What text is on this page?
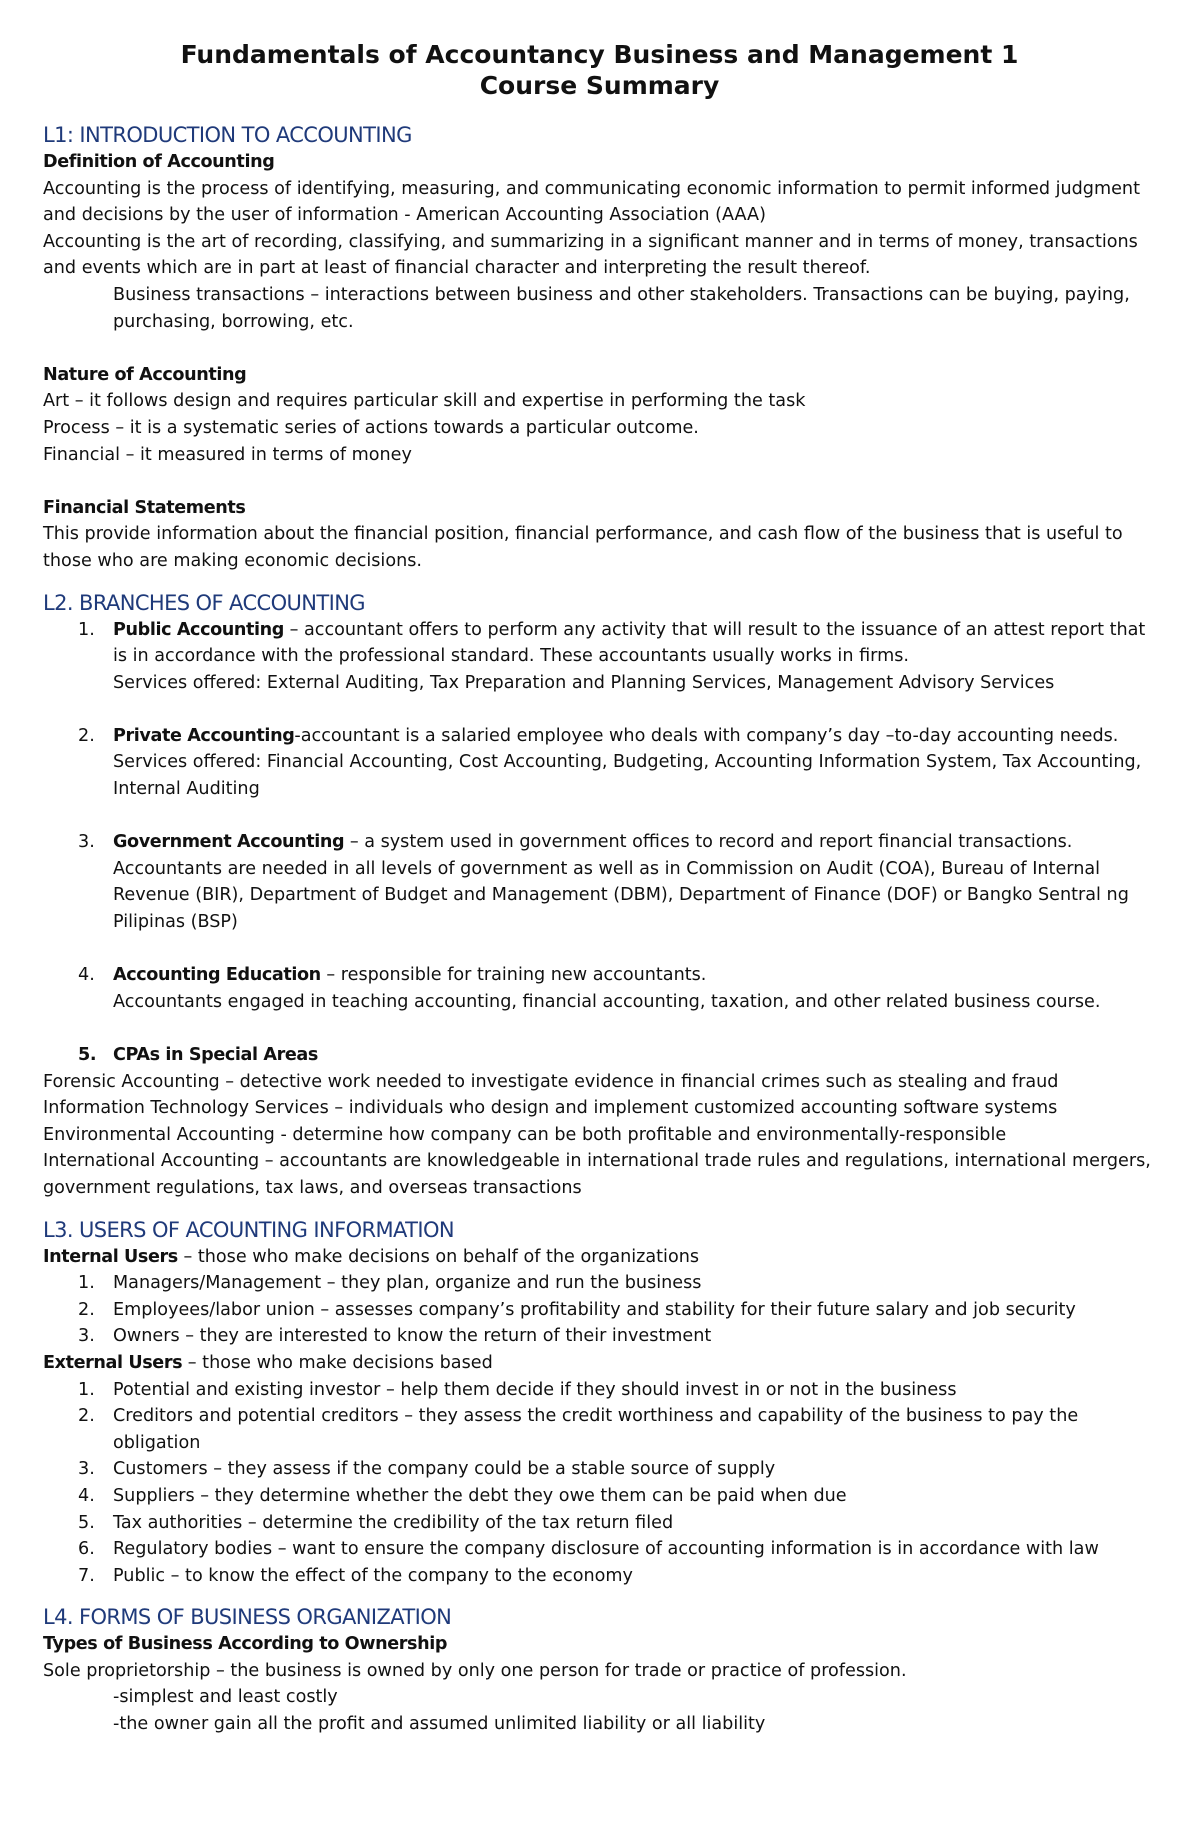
Fundamentals of Accountancy Business and Management 1
Course Summary
L1: INTRODUCTION TO ACCOUNTING

Definition of Accounting

Accounting is the process of identifying, measuring, and communicating economic information to permit informed judgment and decisions by the user of information - American Accounting Association (AAA)

Accounting is the art of recording, classifying, and summarizing in a significant manner and in terms of money, transactions and events which are in part at least of financial character and interpreting the result thereof.

Business transactions – interactions between business and other stakeholders. Transactions can be buying, paying, purchasing, borrowing, etc.

Nature of Accounting

Art – it follows design and requires particular skill and expertise in performing the task

Process – it is a systematic series of actions towards a particular outcome.

Financial – it measured in terms of money

Financial Statements

This provide information about the financial position, financial performance, and cash flow of the business that is useful to those who are making economic decisions.

L2. BRANCHES OF ACCOUNTING
1. Public Accounting – accountant offers to perform any activity that will result to the issuance of an attest report that is in accordance with the professional standard. These accountants usually works in firms.
Services offered: External Auditing, Tax Preparation and Planning Services, Management Advisory Services
2. Private Accounting-accountant is a salaried employee who deals with company’s day –to-day accounting needs.
Services offered: Financial Accounting, Cost Accounting, Budgeting, Accounting Information System, Tax Accounting, Internal Auditing
3. Government Accounting – a system used in government offices to record and report financial transactions.
Accountants are needed in all levels of government as well as in Commission on Audit (COA), Bureau of Internal Revenue (BIR), Department of Budget and Management (DBM), Department of Finance (DOF) or Bangko Sentral ng Pilipinas (BSP)
4. Accounting Education – responsible for training new accountants.
Accountants engaged in teaching accounting, financial accounting, taxation, and other related business course.
5. CPAs in Special Areas

Forensic Accounting – detective work needed to investigate evidence in financial crimes such as stealing and fraud

Information Technology Services – individuals who design and implement customized accounting software systems

Environmental Accounting - determine how company can be both profitable and environmentally-responsible

International Accounting – accountants are knowledgeable in international trade rules and regulations, international mergers, government regulations, tax laws, and overseas transactions

L3. USERS OF ACOUNTING INFORMATION

Internal Users – those who make decisions on behalf of the organizations

1. Managers/Management – they plan, organize and run the business
2. Employees/labor union – assesses company’s profitability and stability for their future salary and job security
3. Owners – they are interested to know the return of their investment

External Users – those who make decisions based

1. Potential and existing investor – help them decide if they should invest in or not in the business
2. Creditors and potential creditors – they assess the credit worthiness and capability of the business to pay the obligation
3. Customers – they assess if the company could be a stable source of supply
4. Suppliers – they determine whether the debt they owe them can be paid when due
5. Tax authorities – determine the credibility of the tax return filed
6. Regulatory bodies – want to ensure the company disclosure of accounting information is in accordance with law
7. Public – to know the effect of the company to the economy
L4. FORMS OF BUSINESS ORGANIZATION

Types of Business According to Ownership

Sole proprietorship – the business is owned by only one person for trade or practice of profession.

-simplest and least costly

-the owner gain all the profit and assumed unlimited liability or all liability
